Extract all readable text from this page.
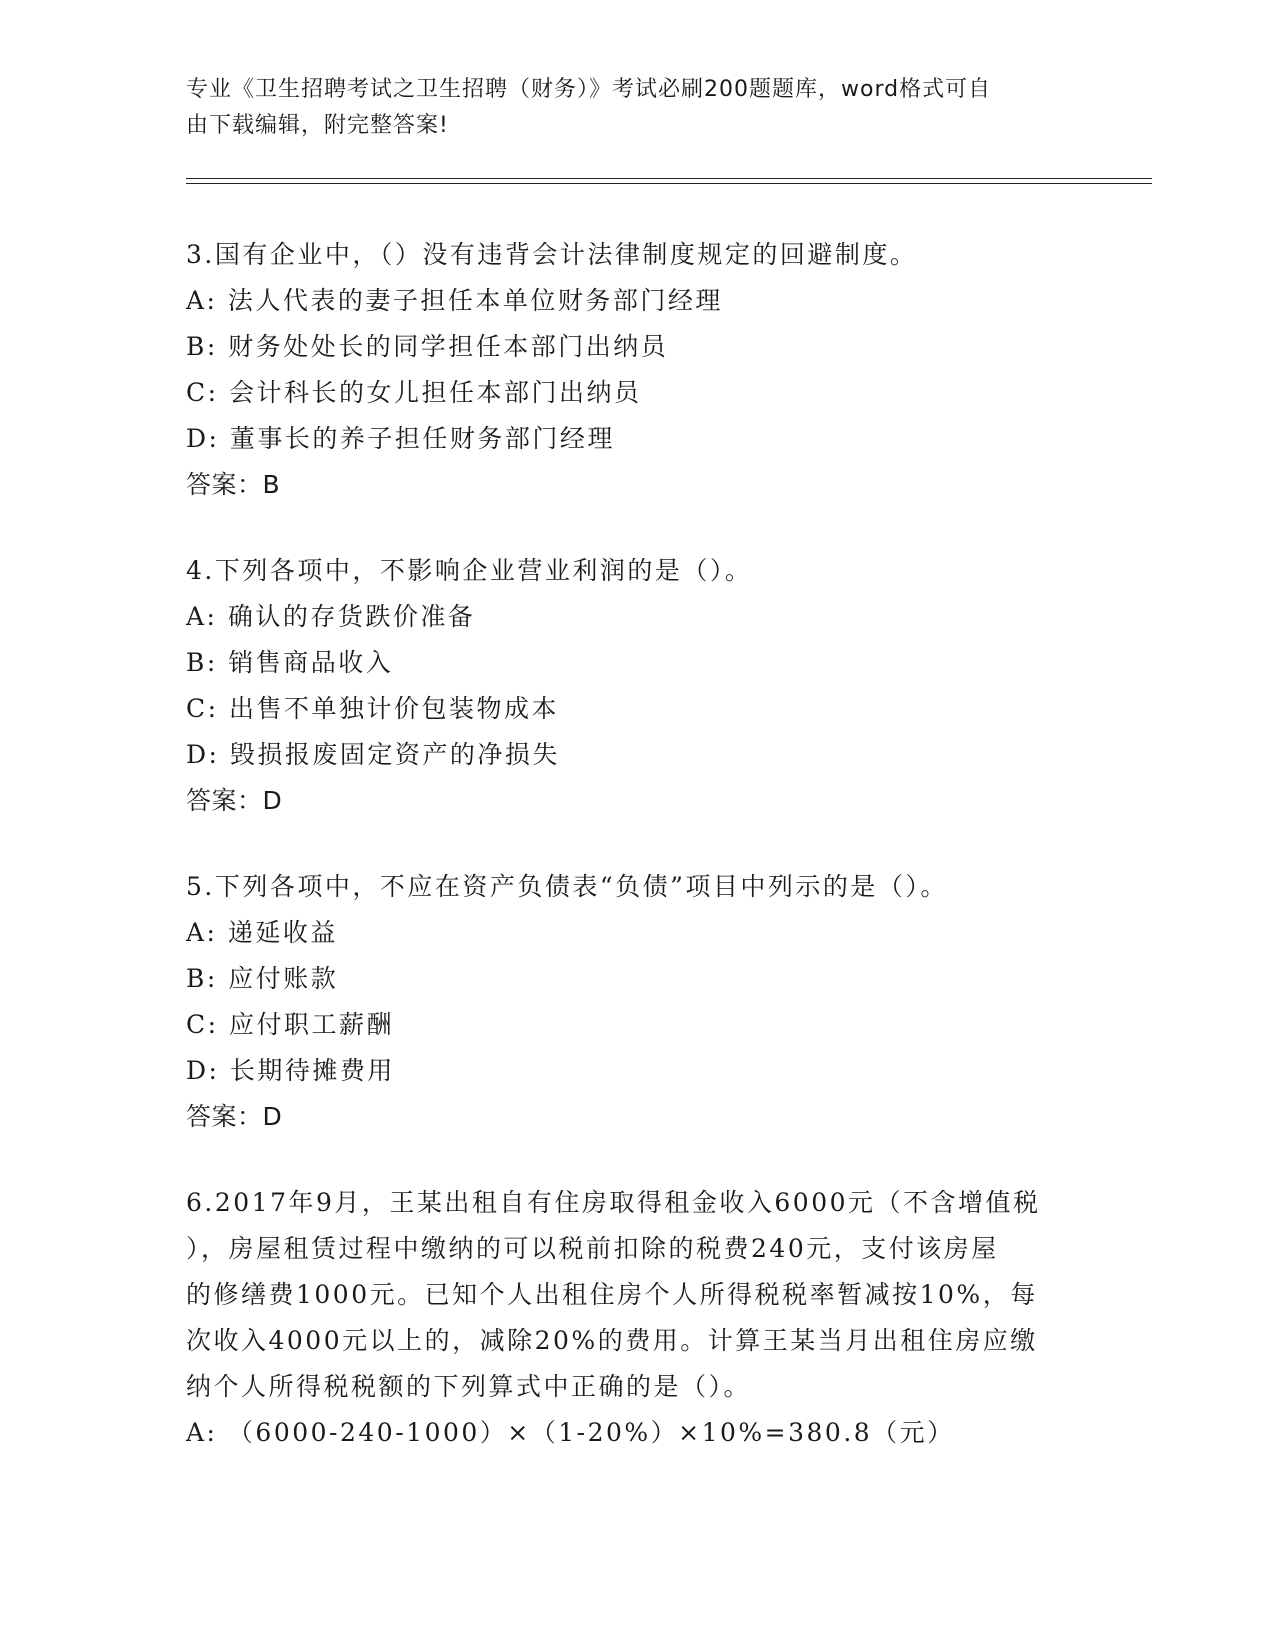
专业《卫生招聘考试之卫生招聘（财务）》考试必刷200题题库，word格式可自
由下载编辑，附完整答案!
3.国有企业中，（）没有违背会计法律制度规定的回避制度。
A: 法人代表的妻子担任本单位财务部门经理
B: 财务处处长的同学担任本部门出纳员
C: 会计科长的女儿担任本部门出纳员
D: 董事长的养子担任财务部门经理
答案：B
4.下列各项中，不影响企业营业利润的是（）。
A: 确认的存货跌价准备
B: 销售商品收入
C: 出售不单独计价包装物成本
D: 毁损报废固定资产的净损失
答案：D
5.下列各项中，不应在资产负债表“负债”项目中列示的是（）。
A: 递延收益
B: 应付账款
C: 应付职工薪酬
D: 长期待摊费用
答案：D
6.2017年9月，王某出租自有住房取得租金收入6000元（不含增值税
），房屋租赁过程中缴纳的可以税前扣除的税费240元，支付该房屋
的修缮费1000元。已知个人出租住房个人所得税税率暂减按10%，每
次收入4000元以上的，减除20%的费用。计算王某当月出租住房应缴
纳个人所得税税额的下列算式中正确的是（）。
A: （6000-240-1000）×（1-20%）×10%=380.8（元）
